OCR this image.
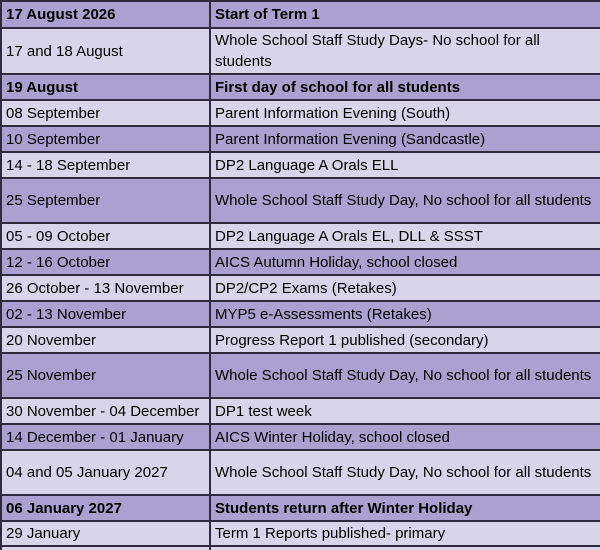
17 August 2026	Start of Term 1
17 and 18 August	Whole School Staff Study Days- No school for all students
19 August	First day of school for all students
08 September	Parent Information Evening (South)
10 September	Parent Information Evening (Sandcastle)
14 - 18 September	DP2 Language A Orals ELL
25 September	Whole School Staff Study Day, No school for all students
05 - 09 October	DP2 Language A Orals EL, DLL & SSST
12 - 16 October	AICS Autumn Holiday, school closed
26 October - 13 November	DP2/CP2 Exams (Retakes)
02 - 13 November	MYP5 e-Assessments (Retakes)
20 November	Progress Report 1 published (secondary)
25 November	Whole School Staff Study Day, No school for all students
30 November - 04 December	DP1 test week
14 December - 01 January	AICS Winter Holiday, school closed
04 and 05 January 2027	Whole School Staff Study Day, No school for all students
06 January 2027	Students return after Winter Holiday
29 January	Term 1 Reports published- primary
